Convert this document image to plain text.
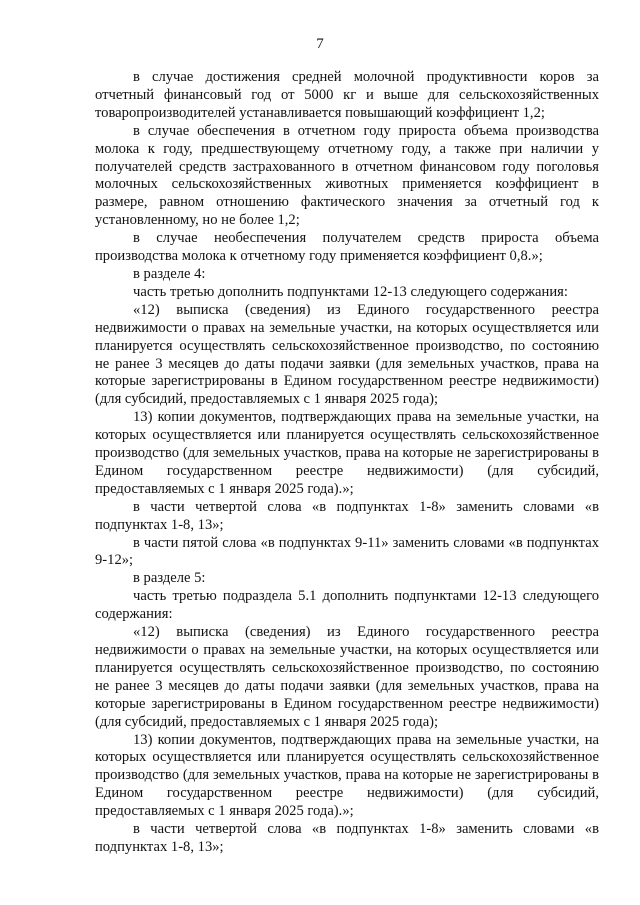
7

в случае достижения средней молочной продуктивности коров за отчетный финансовый год от 5000 кг и выше для сельскохозяйственных товаропроизводителей устанавливается повышающий коэффициент 1,2;

в случае обеспечения в отчетном году прироста объема производства молока к году, предшествующему отчетному году, а также при наличии у получателей средств застрахованного в отчетном финансовом году поголовья молочных сельскохозяйственных животных применяется коэффициент в размере, равном отношению фактического значения за отчетный год к установленному, но не более 1,2;

в случае необеспечения получателем средств прироста объема производства молока к отчетному году применяется коэффициент 0,8.»;

в разделе 4:

часть третью дополнить подпунктами 12-13 следующего содержания:

«12) выписка (сведения) из Единого государственного реестра недвижимости о правах на земельные участки, на которых осуществляется или планируется осуществлять сельскохозяйственное производство, по состоянию не ранее 3 месяцев до даты подачи заявки (для земельных участков, права на которые зарегистрированы в Едином государственном реестре недвижимости) (для субсидий, предоставляемых с 1 января 2025 года);

13) копии документов, подтверждающих права на земельные участки, на которых осуществляется или планируется осуществлять сельскохозяйственное производство (для земельных участков, права на которые не зарегистрированы в Едином государственном реестре недвижимости) (для субсидий, предоставляемых с 1 января 2025 года).»;

в части четвертой слова «в подпунктах 1-8» заменить словами «в подпунктах 1-8, 13»;

в части пятой слова «в подпунктах 9-11» заменить словами «в подпунктах 9-12»;

в разделе 5:

часть третью подраздела 5.1 дополнить подпунктами 12-13 следующего содержания:

«12) выписка (сведения) из Единого государственного реестра недвижимости о правах на земельные участки, на которых осуществляется или планируется осуществлять сельскохозяйственное производство, по состоянию не ранее 3 месяцев до даты подачи заявки (для земельных участков, права на которые зарегистрированы в Едином государственном реестре недвижимости) (для субсидий, предоставляемых с 1 января 2025 года);

13) копии документов, подтверждающих права на земельные участки, на которых осуществляется или планируется осуществлять сельскохозяйственное производство (для земельных участков, права на которые не зарегистрированы в Едином государственном реестре недвижимости) (для субсидий, предоставляемых с 1 января 2025 года).»;

в части четвертой слова «в подпунктах 1-8» заменить словами «в подпунктах 1-8, 13»;
